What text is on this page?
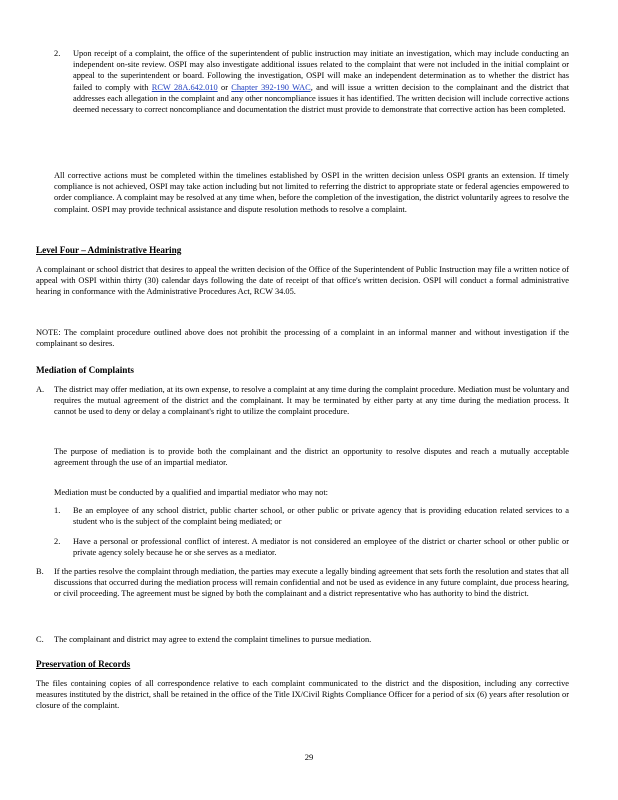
2. Upon receipt of a complaint, the office of the superintendent of public instruction may initiate an investigation, which may include conducting an independent on-site review. OSPI may also investigate additional issues related to the complaint that were not included in the initial complaint or appeal to the superintendent or board. Following the investigation, OSPI will make an independent determination as to whether the district has failed to comply with RCW 28A.642.010 or Chapter 392-190 WAC, and will issue a written decision to the complainant and the district that addresses each allegation in the complaint and any other noncompliance issues it has identified. The written decision will include corrective actions deemed necessary to correct noncompliance and documentation the district must provide to demonstrate that corrective action has been completed.

All corrective actions must be completed within the timelines established by OSPI in the written decision unless OSPI grants an extension. If timely compliance is not achieved, OSPI may take action including but not limited to referring the district to appropriate state or federal agencies empowered to order compliance. A complaint may be resolved at any time when, before the completion of the investigation, the district voluntarily agrees to resolve the complaint. OSPI may provide technical assistance and dispute resolution methods to resolve a complaint.

Level Four – Administrative Hearing

A complainant or school district that desires to appeal the written decision of the Office of the Superintendent of Public Instruction may file a written notice of appeal with OSPI within thirty (30) calendar days following the date of receipt of that office's written decision. OSPI will conduct a formal administrative hearing in conformance with the Administrative Procedures Act, RCW 34.05.

NOTE: The complaint procedure outlined above does not prohibit the processing of a complaint in an informal manner and without investigation if the complainant so desires.

Mediation of Complaints
A. The district may offer mediation, at its own expense, to resolve a complaint at any time during the complaint procedure. Mediation must be voluntary and requires the mutual agreement of the district and the complainant. It may be terminated by either party at any time during the mediation process. It cannot be used to deny or delay a complainant's right to utilize the complaint procedure.

The purpose of mediation is to provide both the complainant and the district an opportunity to resolve disputes and reach a mutually acceptable agreement through the use of an impartial mediator.

Mediation must be conducted by a qualified and impartial mediator who may not:

1. Be an employee of any school district, public charter school, or other public or private agency that is providing education related services to a student who is the subject of the complaint being mediated; or

2. Have a personal or professional conflict of interest. A mediator is not considered an employee of the district or charter school or other public or private agency solely because he or she serves as a mediator.

B. If the parties resolve the complaint through mediation, the parties may execute a legally binding agreement that sets forth the resolution and states that all discussions that occurred during the mediation process will remain confidential and not be used as evidence in any future complaint, due process hearing, or civil proceeding. The agreement must be signed by both the complainant and a district representative who has authority to bind the district.

C. The complainant and district may agree to extend the complaint timelines to pursue mediation.

Preservation of Records

The files containing copies of all correspondence relative to each complaint communicated to the district and the disposition, including any corrective measures instituted by the district, shall be retained in the office of the Title IX/Civil Rights Compliance Officer for a period of six (6) years after resolution or closure of the complaint.

29
